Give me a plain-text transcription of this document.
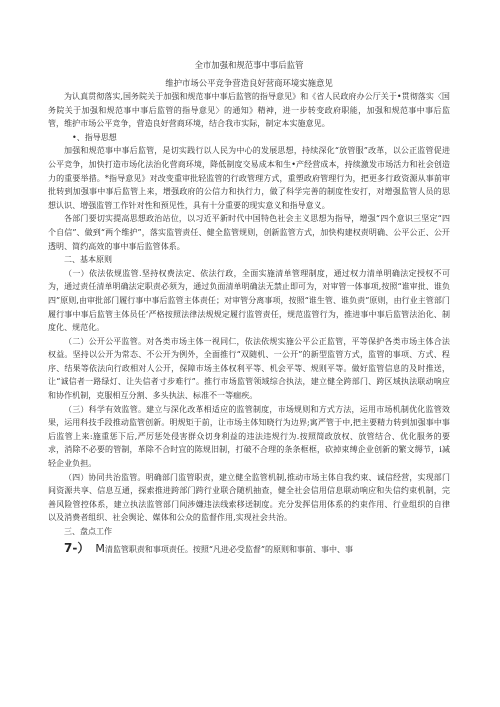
全市加强和规范事中事后监管
维护市场公平竞争营造良好营商环境实施意见

为认真贯彻落实,国务院关于加强和规范事中事后监管的指导意见》和《省人民政府办公厅关于•贯彻落实〈国务院关于加强和规范事中事后监管的指导意见〉的通知》精神，进一步转变政府职能，加强和规范事中事后监管，维护市场公平竞争，营造良好营商环境，结合我市实际，制定本实施意见。

•、指导思想

加强和规范事中事后监管，是切实践行以人民为中心的发展思想，持续深化“放管服”改革，以公正监管促进公平竞争，加快打造市场化法治化营商环境，降低制度交易成本和生•产经营成本，持续激发市场活力和社会创造力的重要举措。*指导意见》对改变重审批轻监管的行政管理方式，重塑政府管理行为，把更多行政资源从事前审批转到加强事中事后监管上来，增强政府的公信力和执行力，做了科学完善的制度性安打，对增强监管人员的思想认识、增强监管工作针对性和预见性，具有十分重要的现实意义和指导意义。

各部门要切实提高思想政治站位，以习近平新时代中国特色社会主义思想为指导，增强“四个意识三坚定“四个自信”、做到“两个维护”，落实监管责任、健全监管规则，创新监管方式，加快构建权责明确、公平公正、公开透明、简约高效的事中事后监管体系。

二、基本原则

（一）依法依规监管.坚持权费法定、依法行政，全面实施清单管理制度，通过权力清单明确法定授权不可为，通过责任清单明确法定职责必须为，通过负面清单明确法无禁止即可为，对审管一体事项,按照“谁审批、谁负四”原则,由审批部门履行事中事后监管主体责任；对审管分离事项，按照“谁生管、谁负责”原则，由行业主管部门履行事中事后监管主体员任’严格按照法律法规规定履行监管责任，规范监管行为，推进事中事后监管法治化、制度化、规范化。

（二）公开公平监管。对各类市场主体一视同仁，依法依规实施公平公正监管，平等保护各类市场主体合法权益。坚持以公开为常态、不公开为例外，全面推行“双随机、一公开”的新型监管方式，监管的事项、方式、程序、结果等依法向行政相对人公开，保障市场主体权利平等、机会平等、规则平等。做好监管信息的及时推送，让“诚信者一路绿灯、让失信者寸步难行”。推行市场监管领域综合执法，建立健全跨部门、跨区域执法联动响应和协作机制，克服相互分割、多头执法、标准不一等痼疾。

（三）科学有效监管。建立与深化改革相适应的监管制度，市场规则和方式方法，运用市场机制优化监管效果，运用科技手段推动监管创新。明规矩于前，让市场主体知晓行为边界;寓严管于中,把主要精力转到加强事中事后监管上来:施重惩下后,严厉惩处侵害群众切身利益的违法违规行为.按照简政放权、放管结合、优化服务的要求，消除不必要的管制，革除不合时宜的陈规旧制，打破不合理的条条框框，砍掉束缚企业创新的繁文缛节，i减轻企业负担。

（四）协同共治监管。明确部门监管职责，建立健全监管机制,推动市场主体自我约束、诚信经营，实现部门间资源共享、信息互通，探索推进跨部门跨行业联合随机抽查，健全社会信用信息联动响应和失信约束机制，完善风险管控体系，建立执法监管部门间涉嫌违法线索移送制度。充分发挥信用体系的约束作用、行业组织的自律以及消费者组织、社会舆论、媒体和公众的监督作用,实现社会共治。

三、盘点工作

7-） M 清监管职责和事项责任。按照“凡进必受监督”的原则和事前、事中、事
